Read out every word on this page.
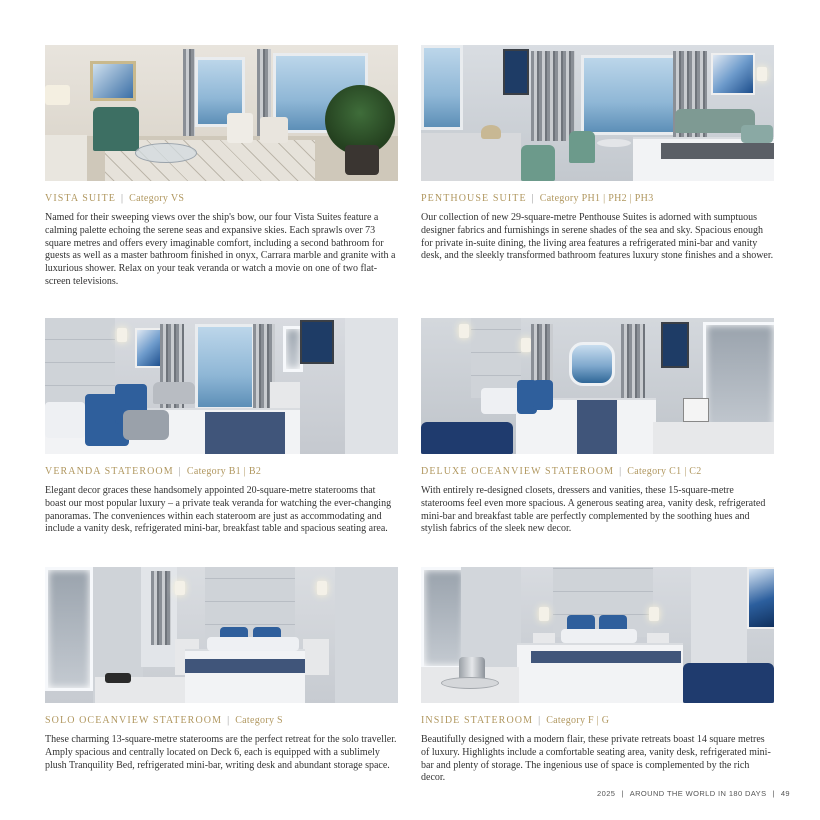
VISTA SUITE | Category VS
Named for their sweeping views over the ship's bow, our four Vista Suites feature a calming palette echoing the serene seas and expansive skies. Each sprawls over 73 square metres and offers every imaginable comfort, including a second bathroom for guests as well as a master bathroom finished in onyx, Carrara marble and granite with a luxurious shower. Relax on your teak veranda or watch a movie on one of two flat-screen televisions.
PENTHOUSE SUITE | Category PH1 | PH2 | PH3
Our collection of new 29-square-metre Penthouse Suites is adorned with sumptuous designer fabrics and furnishings in serene shades of the sea and sky. Spacious enough for private in-suite dining, the living area features a refrigerated mini-bar and vanity desk, and the sleekly transformed bathroom features luxury stone finishes and a shower.
VERANDA STATEROOM | Category B1 | B2
Elegant decor graces these handsomely appointed 20-square-metre staterooms that boast our most popular luxury – a private teak veranda for watching the ever-changing panoramas. The conveniences within each stateroom are just as accommodating and include a vanity desk, refrigerated mini-bar, breakfast table and spacious seating area.
DELUXE OCEANVIEW STATEROOM | Category C1 | C2
With entirely re-designed closets, dressers and vanities, these 15-square-metre staterooms feel even more spacious. A generous seating area, vanity desk, refrigerated mini-bar and breakfast table are perfectly complemented by the soothing hues and stylish fabrics of the sleek new decor.
SOLO OCEANVIEW STATEROOM | Category S
These charming 13-square-metre staterooms are the perfect retreat for the solo traveller. Amply spacious and centrally located on Deck 6, each is equipped with a sublimely plush Tranquility Bed, refrigerated mini-bar, writing desk and abundant storage space.
INSIDE STATEROOM | Category F | G
Beautifully designed with a modern flair, these private retreats boast 14 square metres of luxury. Highlights include a comfortable seating area, vanity desk, refrigerated mini-bar and plenty of storage. The ingenious use of space is complemented by the rich decor.
2025 | AROUND THE WORLD IN 180 DAYS | 49
